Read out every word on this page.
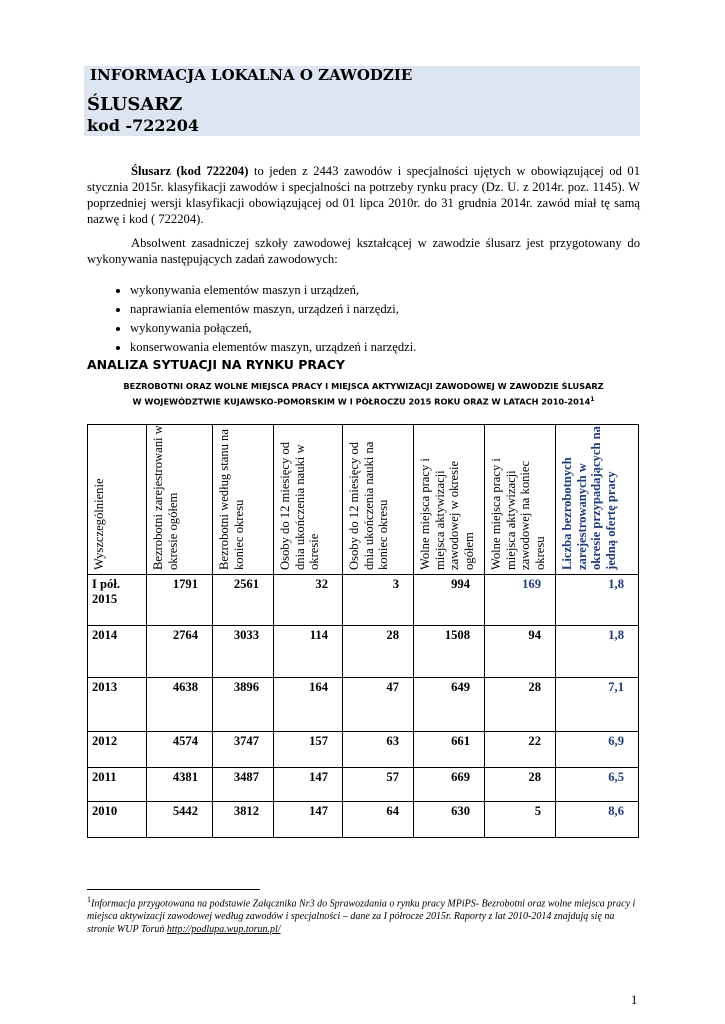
INFORMACJA LOKALNA O ZAWODZIE
ŚLUSARZ
kod -722204

Ślusarz (kod 722204) to jeden z 2443 zawodów i specjalności ujętych w obowiązującej od 01 stycznia 2015r. klasyfikacji zawodów i specjalności na potrzeby rynku pracy (Dz. U. z 2014r. poz. 1145). W poprzedniej wersji klasyfikacji obowiązującej od 01 lipca 2010r. do 31 grudnia 2014r. zawód miał tę samą nazwę i kod ( 722204).

Absolwent zasadniczej szkoły zawodowej kształcącej w zawodzie ślusarz jest przygotowany do wykonywania następujących zadań zawodowych:

• wykonywania elementów maszyn i urządzeń,
• naprawiania elementów maszyn, urządzeń i narzędzi,
• wykonywania połączeń,
• konserwowania elementów maszyn, urządzeń i narzędzi.
ANALIZA SYTUACJI NA RYNKU PRACY
BEZROBOTNI ORAZ WOLNE MIEJSCA PRACY I MIEJSCA AKTYWIZACJI ZAWODOWEJ W ZAWODZIE ŚLUSARZ
W WOJEWÓDZTWIE KUJAWSKO-POMORSKIM W I PÓŁROCZU 2015 ROKU ORAZ W LATACH 2010-2014$^1$
Wyszczególnienie	Bezrobotni zarejestrowani w okresie ogółem	Bezrobotni według stanu na koniec okresu	Osoby do 12 miesięcy od dnia ukończenia nauki w okresie	Osoby do 12 miesięcy od dnia ukończenia nauki na koniec okresu	Wolne miejsca pracy i miejsca aktywizacji zawodowej w okresie ogółem	Wolne miejsca pracy i miejsca aktywizacji zawodowej na koniec okresu	Liczba bezrobotnych zarejestrowanych w okresie przypadających na jedną ofertę pracy

I pół. 2015	1791	2561	32	3	994	169	1,8
2014	2764	3033	114	28	1508	94	1,8
2013	4638	3896	164	47	649	28	7,1
2012	4574	3747	157	63	661	22	6,9
2011	4381	3487	147	57	669	28	6,5
2010	5442	3812	147	64	630	5	8,6
$^1$Informacja przygotowana na podstawie Załącznika Nr3 do Sprawozdania o rynku pracy MPiPS- Bezrobotni oraz wolne miejsca pracy i miejsca aktywizacji zawodowej według zawodów i specjalności – dane za I półrocze 2015r. Raporty z lat 2010-2014 znajdują się na stronie WUP Toruń http://podlupa.wup.torun.pl/
1
